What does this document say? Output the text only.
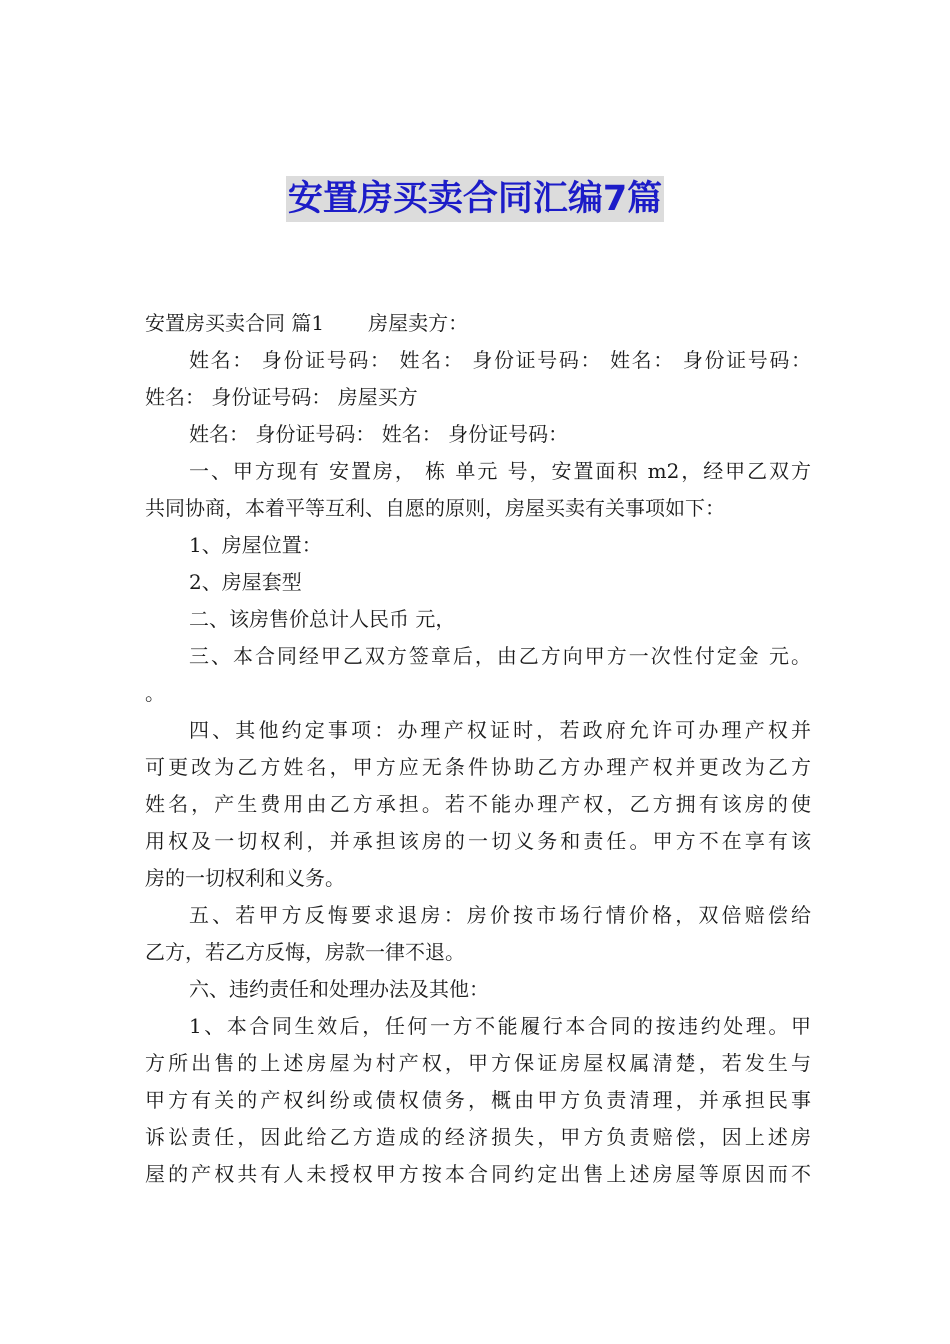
安置房买卖合同汇编7篇
安置房买卖合同 篇1 房屋卖方：
姓名： 身份证号码： 姓名： 身份证号码： 姓名： 身份证号码：
姓名： 身份证号码： 房屋买方
姓名： 身份证号码： 姓名： 身份证号码：
一、甲方现有 安置房， 栋 单元 号，安置面积 m2，经甲乙双方
共同协商，本着平等互利、自愿的原则，房屋买卖有关事项如下：
1、房屋位置：
2、房屋套型
二、该房售价总计人民币 元，
三、本合同经甲乙双方签章后，由乙方向甲方一次性付定金 元。
。
四、其他约定事项：办理产权证时，若政府允许可办理产权并
可更改为乙方姓名，甲方应无条件协助乙方办理产权并更改为乙方
姓名，产生费用由乙方承担。若不能办理产权，乙方拥有该房的使
用权及一切权利，并承担该房的一切义务和责任。甲方不在享有该
房的一切权利和义务。
五、若甲方反悔要求退房：房价按市场行情价格，双倍赔偿给
乙方，若乙方反悔，房款一律不退。
六、违约责任和处理办法及其他：
1、本合同生效后，任何一方不能履行本合同的按违约处理。甲
方所出售的上述房屋为村产权，甲方保证房屋权属清楚，若发生与
甲方有关的产权纠纷或债权债务，概由甲方负责清理，并承担民事
诉讼责任，因此给乙方造成的经济损失，甲方负责赔偿，因上述房
屋的产权共有人未授权甲方按本合同约定出售上述房屋等原因而不
